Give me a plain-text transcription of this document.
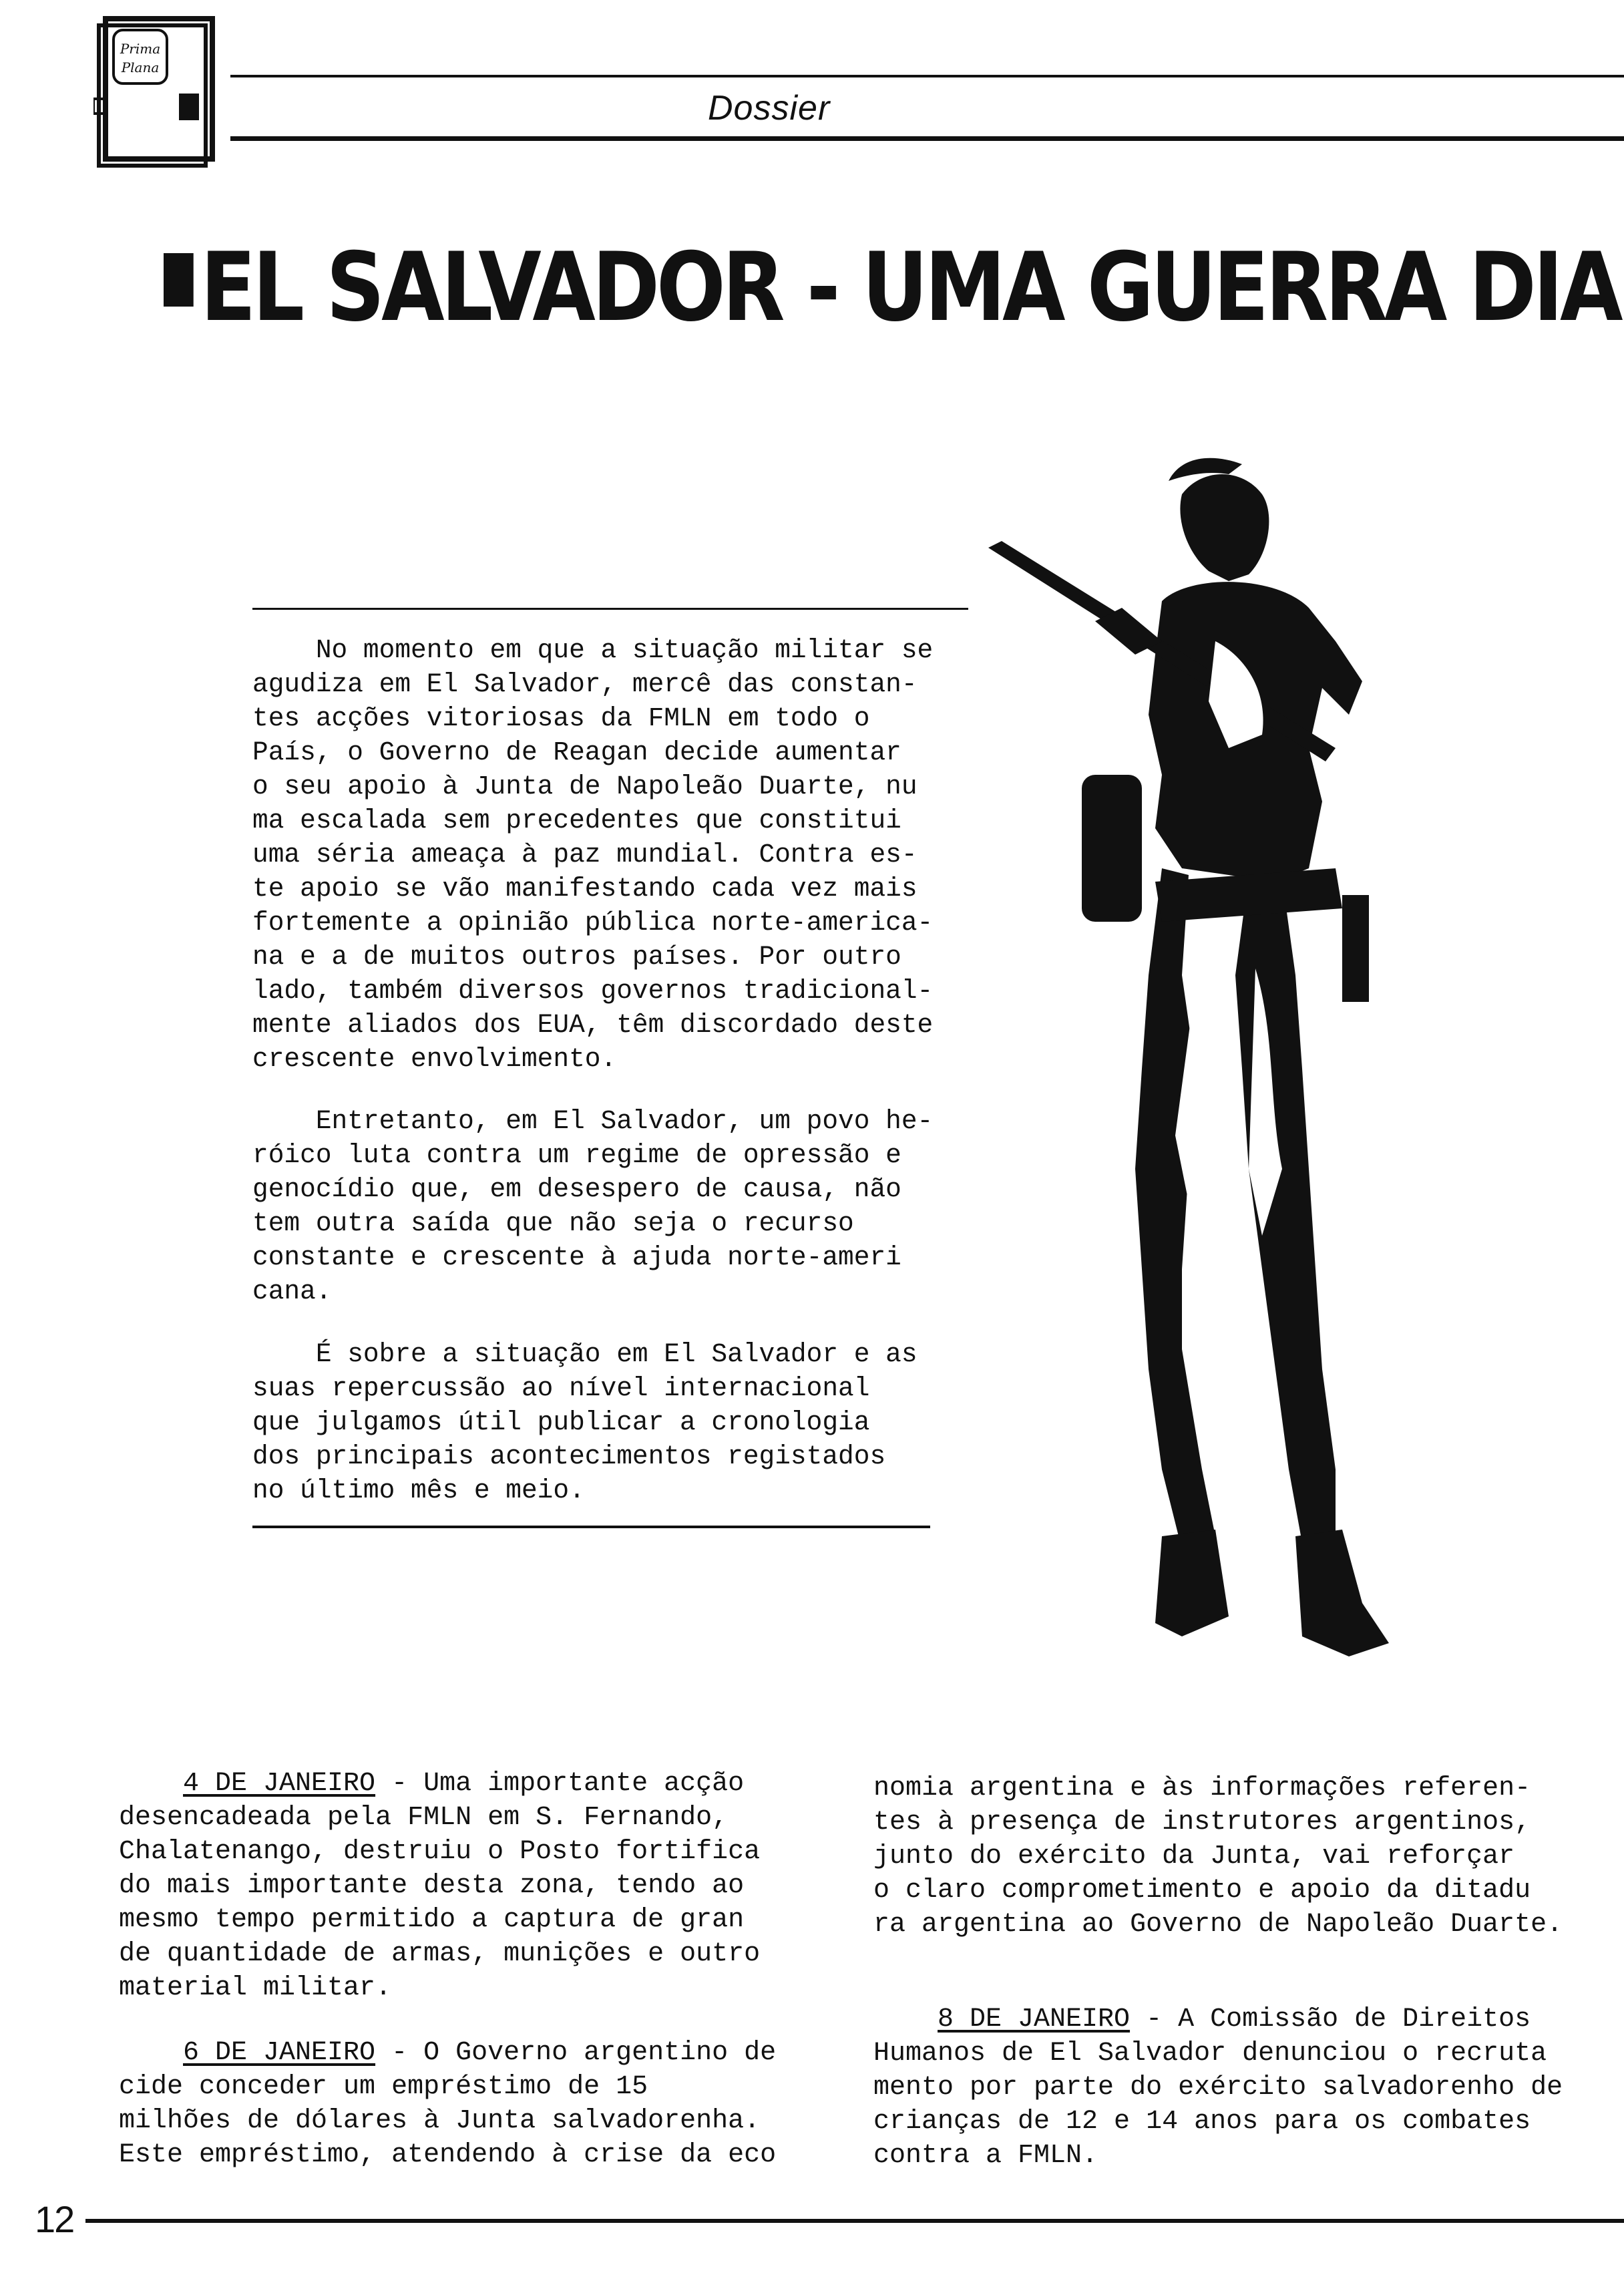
Prima
Plana
Dossier
EL SALVADOR - UMA GUERRA DIA
No momento em que a situação militar se
agudiza em El Salvador, mercê das constan-
tes acções vitoriosas da FMLN em todo o
País, o Governo de Reagan decide aumentar
o seu apoio à Junta de Napoleão Duarte, nu
ma escalada sem precedentes que constitui
uma séria ameaça à paz mundial. Contra es-
te apoio se vão manifestando cada vez mais
fortemente a opinião pública norte-america-
na e a de muitos outros países. Por outro
lado, também diversos governos tradicional-
mente aliados dos EUA, têm discordado deste
crescente envolvimento.
Entretanto, em El Salvador, um povo he-
róico luta contra um regime de opressão e
genocídio que, em desespero de causa, não
tem outra saída que não seja o recurso
constante e crescente à ajuda norte-ameri
cana.
É sobre a situação em El Salvador e as
suas repercussão ao nível internacional
que julgamos útil publicar a cronologia
dos principais acontecimentos registados
no último mês e meio.
4 DE JANEIRO - Uma importante acção
desencadeada pela FMLN em S. Fernando,
Chalatenango, destruiu o Posto fortifica
do mais importante desta zona, tendo ao
mesmo tempo permitido a captura de gran
de quantidade de armas, munições e outro
material militar.
6 DE JANEIRO - O Governo argentino de
cide conceder um empréstimo de 15
milhões de dólares à Junta salvadorenha.
Este empréstimo, atendendo à crise da eco
nomia argentina e às informações referen-
tes à presença de instrutores argentinos,
junto do exército da Junta, vai reforçar
o claro comprometimento e apoio da ditadu
ra argentina ao Governo de Napoleão Duarte.
8 DE JANEIRO - A Comissão de Direitos
Humanos de El Salvador denunciou o recruta
mento por parte do exército salvadorenho de
crianças de 12 e 14 anos para os combates
contra a FMLN.
12
